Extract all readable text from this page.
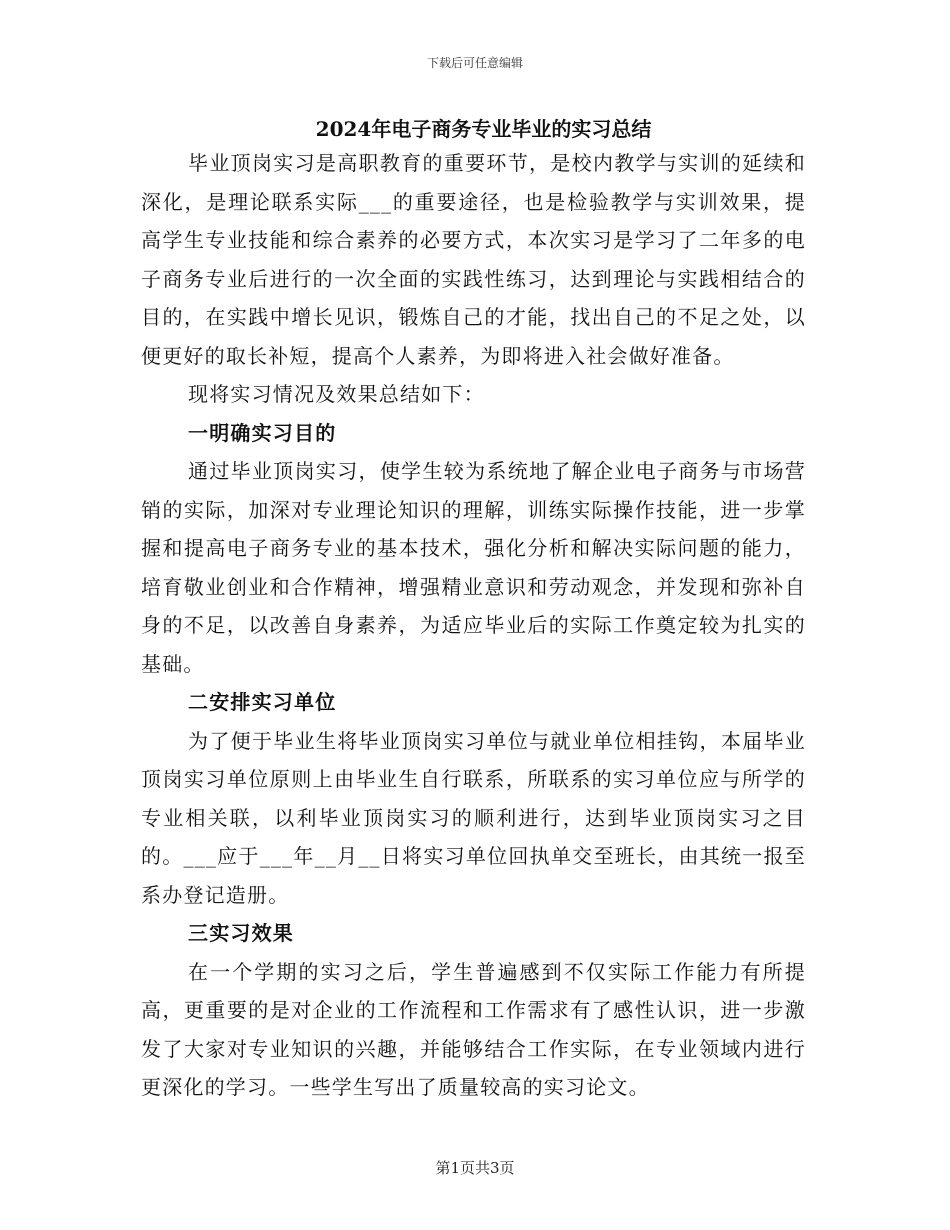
下载后可任意编辑
2024年电子商务专业毕业的实习总结

毕业顶岗实习是高职教育的重要环节，是校内教学与实训的延续和深化，是理论联系实际___的重要途径，也是检验教学与实训效果，提高学生专业技能和综合素养的必要方式，本次实习是学习了二年多的电子商务专业后进行的一次全面的实践性练习，达到理论与实践相结合的目的，在实践中增长见识，锻炼自己的才能，找出自己的不足之处，以便更好的取长补短，提高个人素养，为即将进入社会做好准备。

现将实习情况及效果总结如下：

一明确实习目的

通过毕业顶岗实习，使学生较为系统地了解企业电子商务与市场营销的实际，加深对专业理论知识的理解，训练实际操作技能，进一步掌握和提高电子商务专业的基本技术，强化分析和解决实际问题的能力，培育敬业创业和合作精神，增强精业意识和劳动观念，并发现和弥补自身的不足，以改善自身素养，为适应毕业后的实际工作奠定较为扎实的基础。

二安排实习单位

为了便于毕业生将毕业顶岗实习单位与就业单位相挂钩，本届毕业顶岗实习单位原则上由毕业生自行联系，所联系的实习单位应与所学的专业相关联，以利毕业顶岗实习的顺利进行，达到毕业顶岗实习之目的。___应于___年__月__日将实习单位回执单交至班长，由其统一报至系办登记造册。

三实习效果

在一个学期的实习之后，学生普遍感到不仅实际工作能力有所提高，更重要的是对企业的工作流程和工作需求有了感性认识，进一步激发了大家对专业知识的兴趣，并能够结合工作实际，在专业领域内进行更深化的学习。一些学生写出了质量较高的实习论文。

第1页共3页
